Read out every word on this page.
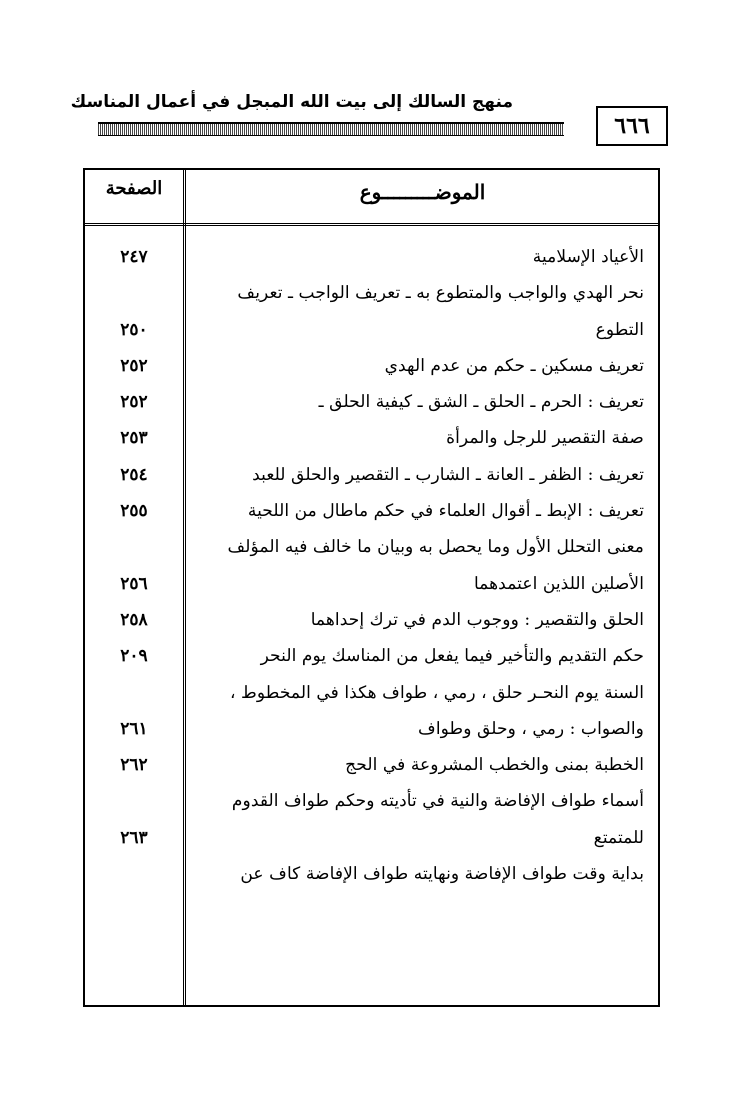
منهج السالك إلى بيت الله المبجل في أعمال المناسك
٦٦٦
الصفحة	الموضـــــــــوع
الأعياد الإسلامية
٢٤٧
نحر الهدي والواجب والمتطوع به ـ تعريف الواجب ـ تعريف
التطوع
٢٥٠
تعريف مسكين ـ حكم من عدم الهدي
٢٥٢
تعريف : الحرم ـ الحلق ـ الشق ـ كيفية الحلق ـ
٢٥٢
صفة التقصير للرجل والمرأة
٢٥٣
تعريف : الظفر ـ العانة ـ الشارب ـ التقصير والحلق للعبد
٢٥٤
تعريف : الإبط ـ أقوال العلماء في حكم ماطال من اللحية
٢٥٥
معنى التحلل الأول وما يحصل به وبيان ما خالف فيه المؤلف
الأصلين اللذين اعتمدهما
٢٥٦
الحلق والتقصير : ووجوب الدم في ترك إحداهما
٢٥٨
حكم التقديم والتأخير فيما يفعل من المناسك يوم النحر
٢٠٩
السنة يوم النحـر حلق ، رمي ، طواف هكذا في المخطوط ،
والصواب : رمي ، وحلق وطواف
٢٦١
الخطبة بمنى والخطب المشروعة في الحج
٢٦٢
أسماء طواف الإفاضة والنية في تأديته وحكم طواف القدوم
للمتمتع
٢٦٣
بداية وقت طواف الإفاضة ونهايته طواف الإفاضة كاف عن
